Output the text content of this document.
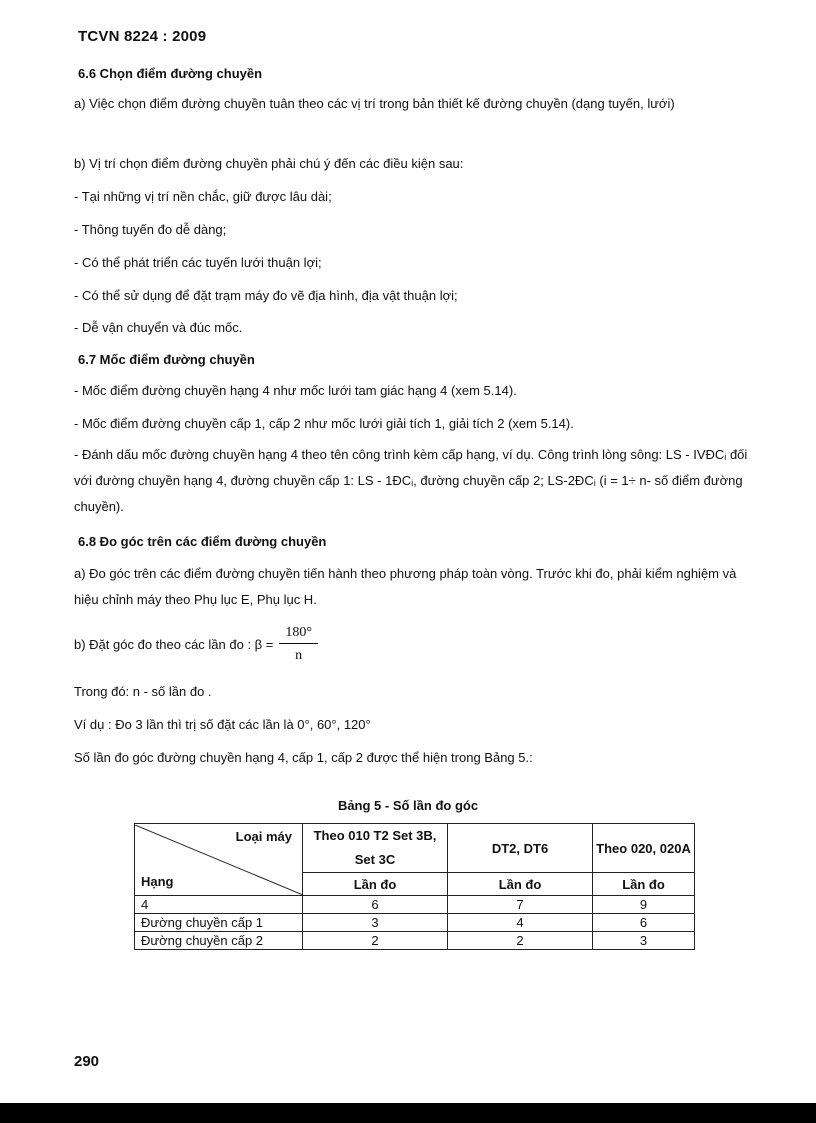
TCVN 8224 : 2009
6.6 Chọn điểm đường chuyền
a) Việc chọn điểm đường chuyền tuân theo các vị trí trong bản thiết kế đường chuyền (dạng tuyến, lưới)
b) Vị trí chọn điểm đường chuyền phải chú ý đến các điều kiện sau:
- Tại những vị trí nền chắc, giữ được lâu dài;
- Thông tuyến đo dễ dàng;
- Có thể phát triển các tuyến lưới thuận lợi;
- Có thể sử dụng để đặt trạm máy đo vẽ địa hình, địa vật thuận lợi;
- Dễ vận chuyển và đúc mốc.
6.7 Mốc điểm đường chuyền
- Mốc điểm đường chuyền hạng 4 như mốc lưới tam giác hạng 4 (xem 5.14).
- Mốc điểm đường chuyền cấp 1, cấp 2 như mốc lưới giải tích 1, giải tích 2 (xem 5.14).
- Đánh dấu mốc đường chuyền hạng 4 theo tên công trình kèm cấp hạng, ví dụ. Công trình lòng sông: LS - IVĐCᵢ đối với đường chuyền hạng 4, đường chuyền cấp 1: LS - 1ĐCᵢ, đường chuyền cấp 2; LS-2ĐCᵢ (i = 1÷ n- số điểm đường chuyền).
6.8 Đo góc trên các điểm đường chuyền
a) Đo góc trên các điểm đường chuyền tiến hành theo phương pháp toàn vòng. Trước khi đo, phải kiểm nghiệm và hiệu chỉnh máy theo Phụ lục E, Phụ lục H.
b) Đặt góc đo theo các lần đo : $\beta = \frac{180^\circ}{n}$
Trong đó: n - số lần đo .
Ví dụ : Đo 3 lần thì trị số đặt các lần là 0°, 60°, 120°
Số lần đo góc đường chuyền hạng 4, cấp 1, cấp 2 được thể hiện trong Bảng 5.:
Bảng 5 - Số lần đo góc
Loại máy
Hạng	Theo 010 T2 Set 3B, Set 3C	DT2, DT6	Theo 020, 020A
	Lần đo	Lần đo	Lần đo
4	6	7	9
Đường chuyền cấp 1	3	4	6
Đường chuyền cấp 2	2	2	3
290
